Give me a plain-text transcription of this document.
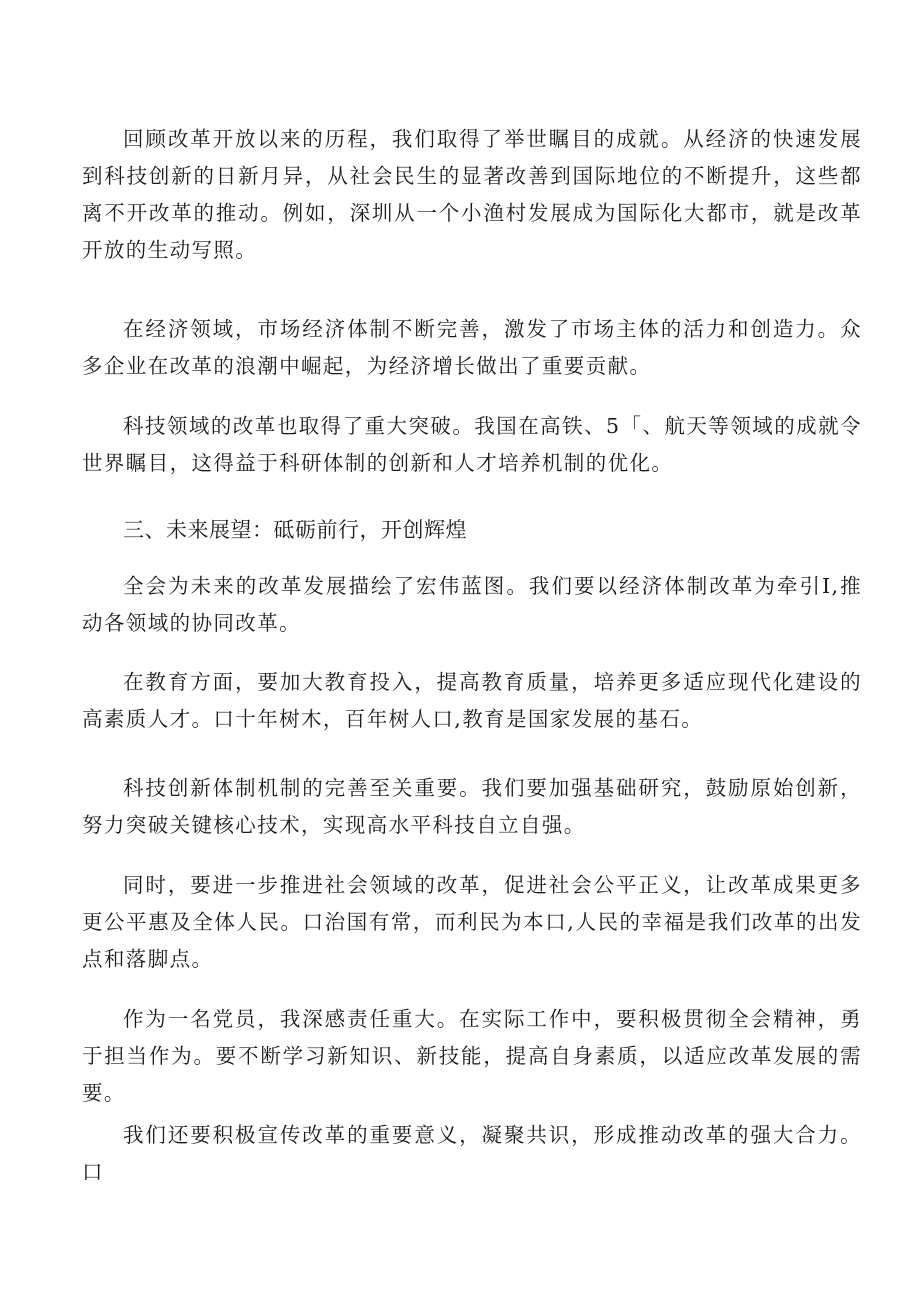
回顾改革开放以来的历程，我们取得了举世瞩目的成就。从经济的快速发展到科技创新的日新月异，从社会民生的显著改善到国际地位的不断提升，这些都离不开改革的推动。例如，深圳从一个小渔村发展成为国际化大都市，就是改革开放的生动写照。

在经济领域，市场经济体制不断完善，激发了市场主体的活力和创造力。众多企业在改革的浪潮中崛起，为经济增长做出了重要贡献。

科技领域的改革也取得了重大突破。我国在高铁、5「、航天等领域的成就令世界瞩目，这得益于科研体制的创新和人才培养机制的优化。

三、未来展望：砥砺前行，开创辉煌

全会为未来的改革发展描绘了宏伟蓝图。我们要以经济体制改革为牵引I,推动各领域的协同改革。

在教育方面，要加大教育投入，提高教育质量，培养更多适应现代化建设的高素质人才。口十年树木，百年树人口,教育是国家发展的基石。

科技创新体制机制的完善至关重要。我们要加强基础研究，鼓励原始创新，努力突破关键核心技术，实现高水平科技自立自强。

同时，要进一步推进社会领域的改革，促进社会公平正义，让改革成果更多更公平惠及全体人民。口治国有常，而利民为本口,人民的幸福是我们改革的出发点和落脚点。

作为一名党员，我深感责任重大。在实际工作中，要积极贯彻全会精神，勇于担当作为。要不断学习新知识、新技能，提高自身素质，以适应改革发展的需要。

我们还要积极宣传改革的重要意义，凝聚共识，形成推动改革的强大合力。口
